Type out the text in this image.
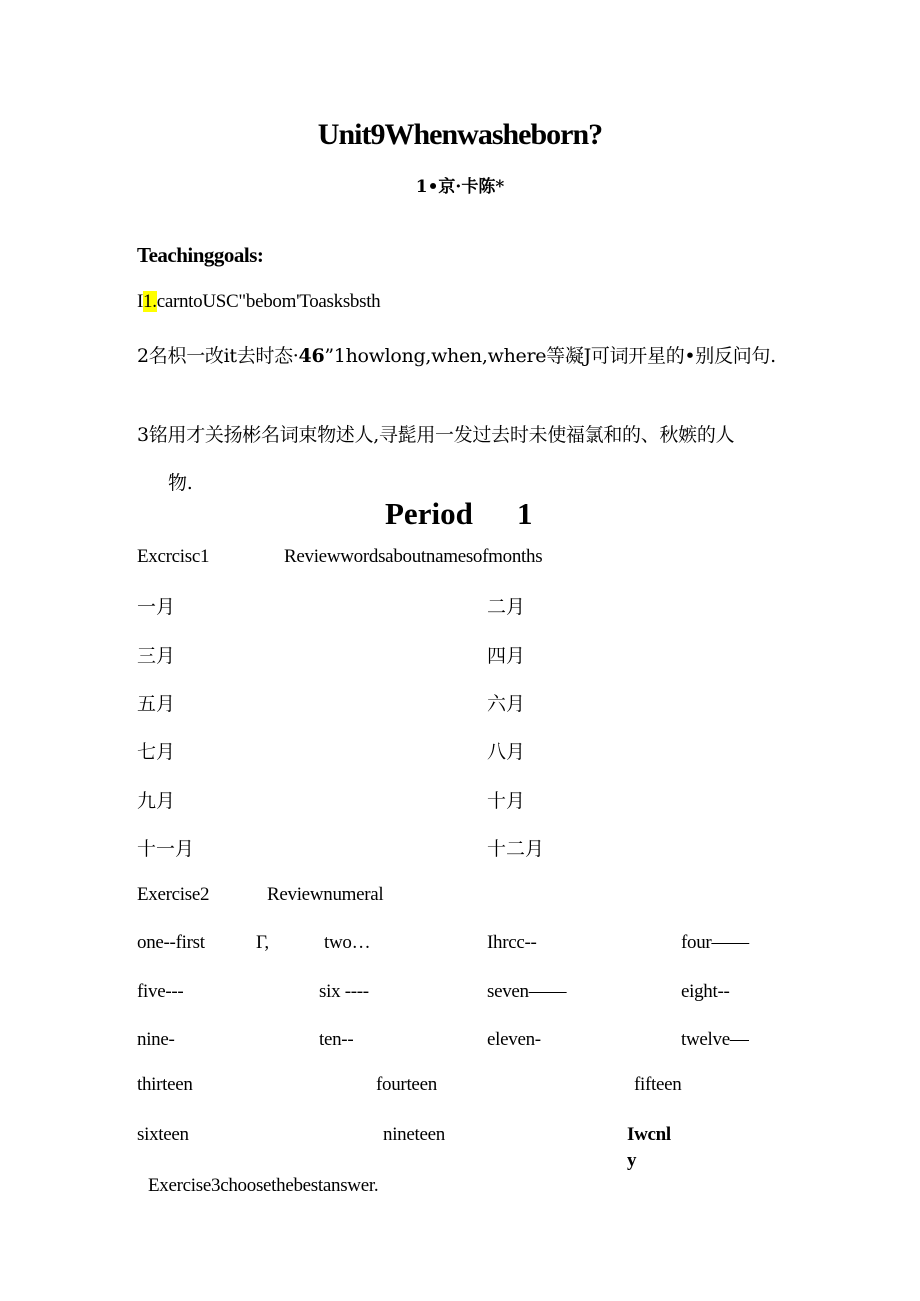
Unit9Whenwasheborn?
1•京·卡陈*
Teachinggoals:
I1.carntoUSC"bebom'Toasksbsth
2名枳一改it去时态·46”1howlong,when,where等凝J可词开星的•别反问句.
3铭用才关扬彬名词束物述人,寻髭用一发过去时未使福氯和的、秋嫉的人
物.
Period 1
Excrcisc1	Reviewwordsaboutnamesofmonths
一月	二月
三月	四月
五月	六月
七月	八月
九月	十月
十一月	十二月
Exercise2	Reviewnumeral
one--first	Γ,	two…	Ihrcc--	four——
five---	six ----	seven——	eight--
nine-	ten--	eleven-	twelve—
thirteen	fourteen	fifteen
sixteen	nineteen	Iwcnl
y
Exercise3choosethebestanswer.
